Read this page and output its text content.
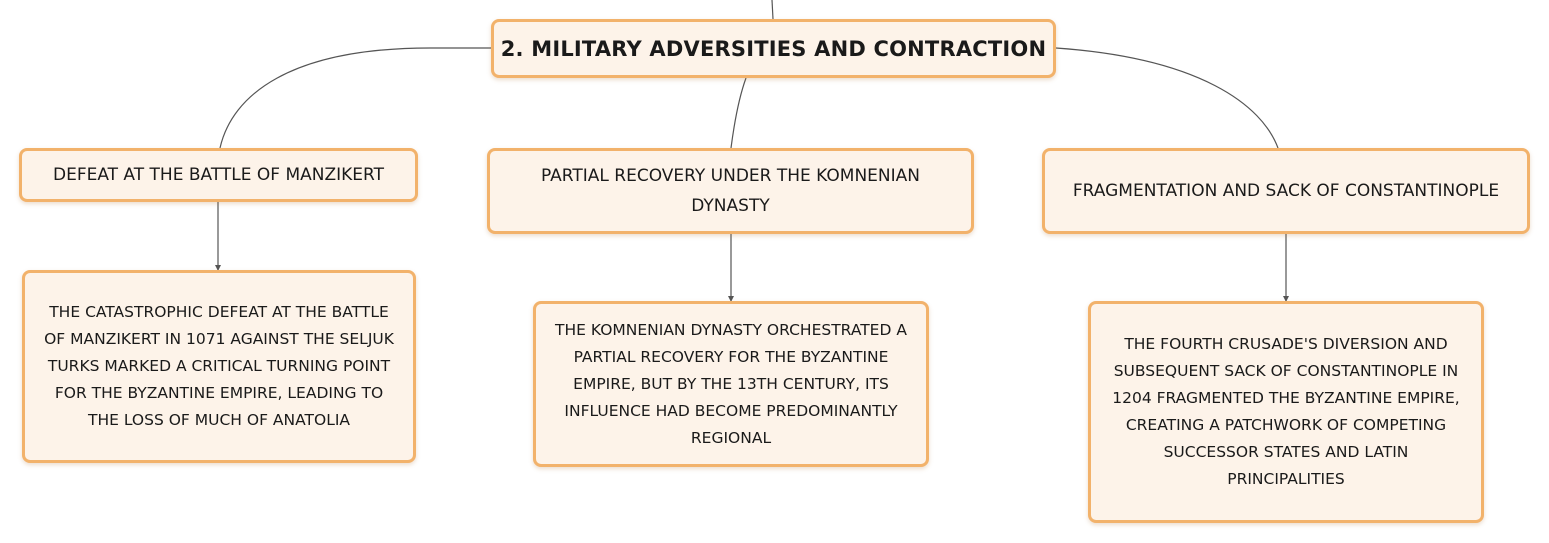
2. MILITARY ADVERSITIES AND CONTRACTION
DEFEAT AT THE BATTLE OF MANZIKERT	PARTIAL RECOVERY UNDER THE KOMNENIAN DYNASTY
FRAGMENTATION AND SACK OF CONSTANTINOPLE
THE CATASTROPHIC DEFEAT AT THE BATTLE OF MANZIKERT IN 1071 AGAINST THE SELJUK TURKS MARKED A CRITICAL TURNING POINT FOR THE BYZANTINE EMPIRE, LEADING TO THE LOSS OF MUCH OF ANATOLIA
THE KOMNENIAN DYNASTY ORCHESTRATED A PARTIAL RECOVERY FOR THE BYZANTINE EMPIRE, BUT BY THE 13TH CENTURY, ITS INFLUENCE HAD BECOME PREDOMINANTLY REGIONAL
THE FOURTH CRUSADE'S DIVERSION AND SUBSEQUENT SACK OF CONSTANTINOPLE IN 1204 FRAGMENTED THE BYZANTINE EMPIRE, CREATING A PATCHWORK OF COMPETING SUCCESSOR STATES AND LATIN PRINCIPALITIES
